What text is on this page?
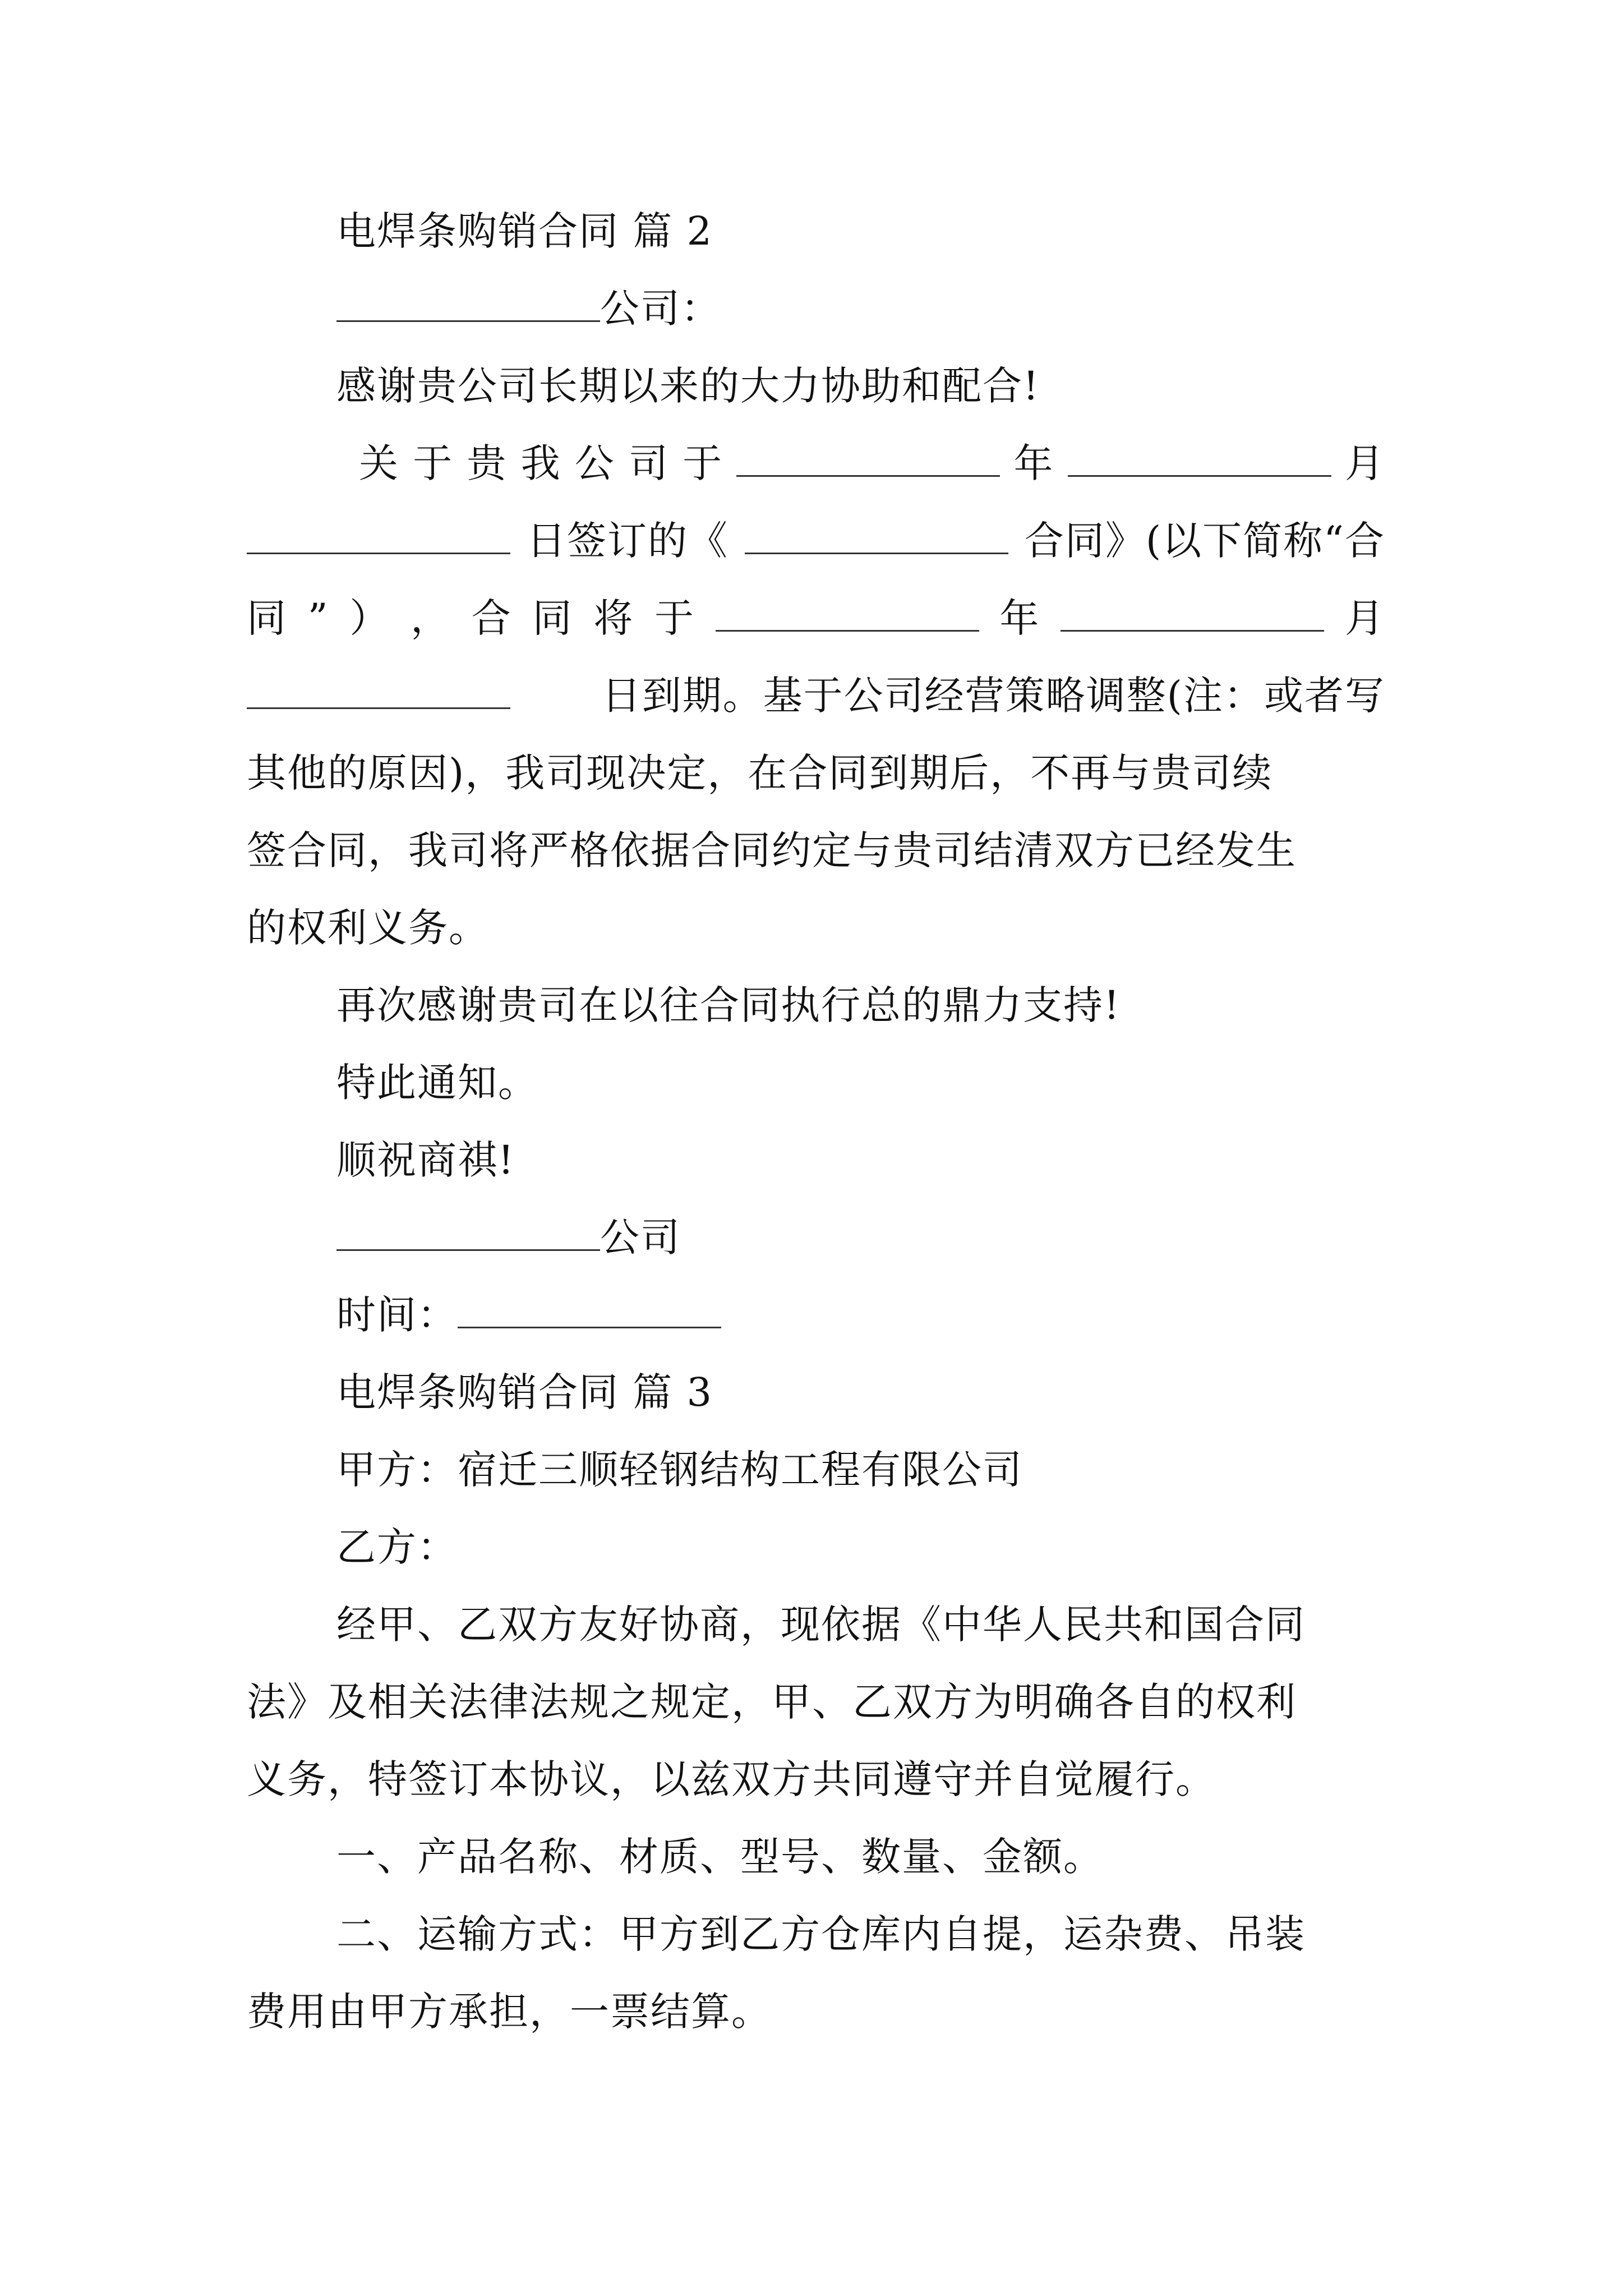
电焊条购销合同 篇 2
公司：
感谢贵公司长期以来的大力协助和配合!
关 于 贵 我 公 司 于	年	月
日签订的《	合同》(以下简称“合
同 ” ） ， 合 同 将 于	年	月
日到期。基于公司经营策略调整(注：或者写
其他的原因)，我司现决定，在合同到期后，不再与贵司续
签合同，我司将严格依据合同约定与贵司结清双方已经发生
的权利义务。
再次感谢贵司在以往合同执行总的鼎力支持!
特此通知。
顺祝商祺!
公司
时间：
电焊条购销合同 篇 3
甲方：宿迁三顺轻钢结构工程有限公司
乙方：
经甲、乙双方友好协商，现依据《中华人民共和国合同
法》及相关法律法规之规定，甲、乙双方为明确各自的权利
义务，特签订本协议，以兹双方共同遵守并自觉履行。
一、产品名称、材质、型号、数量、金额。
二、运输方式：甲方到乙方仓库内自提，运杂费、吊装
费用由甲方承担，一票结算。
